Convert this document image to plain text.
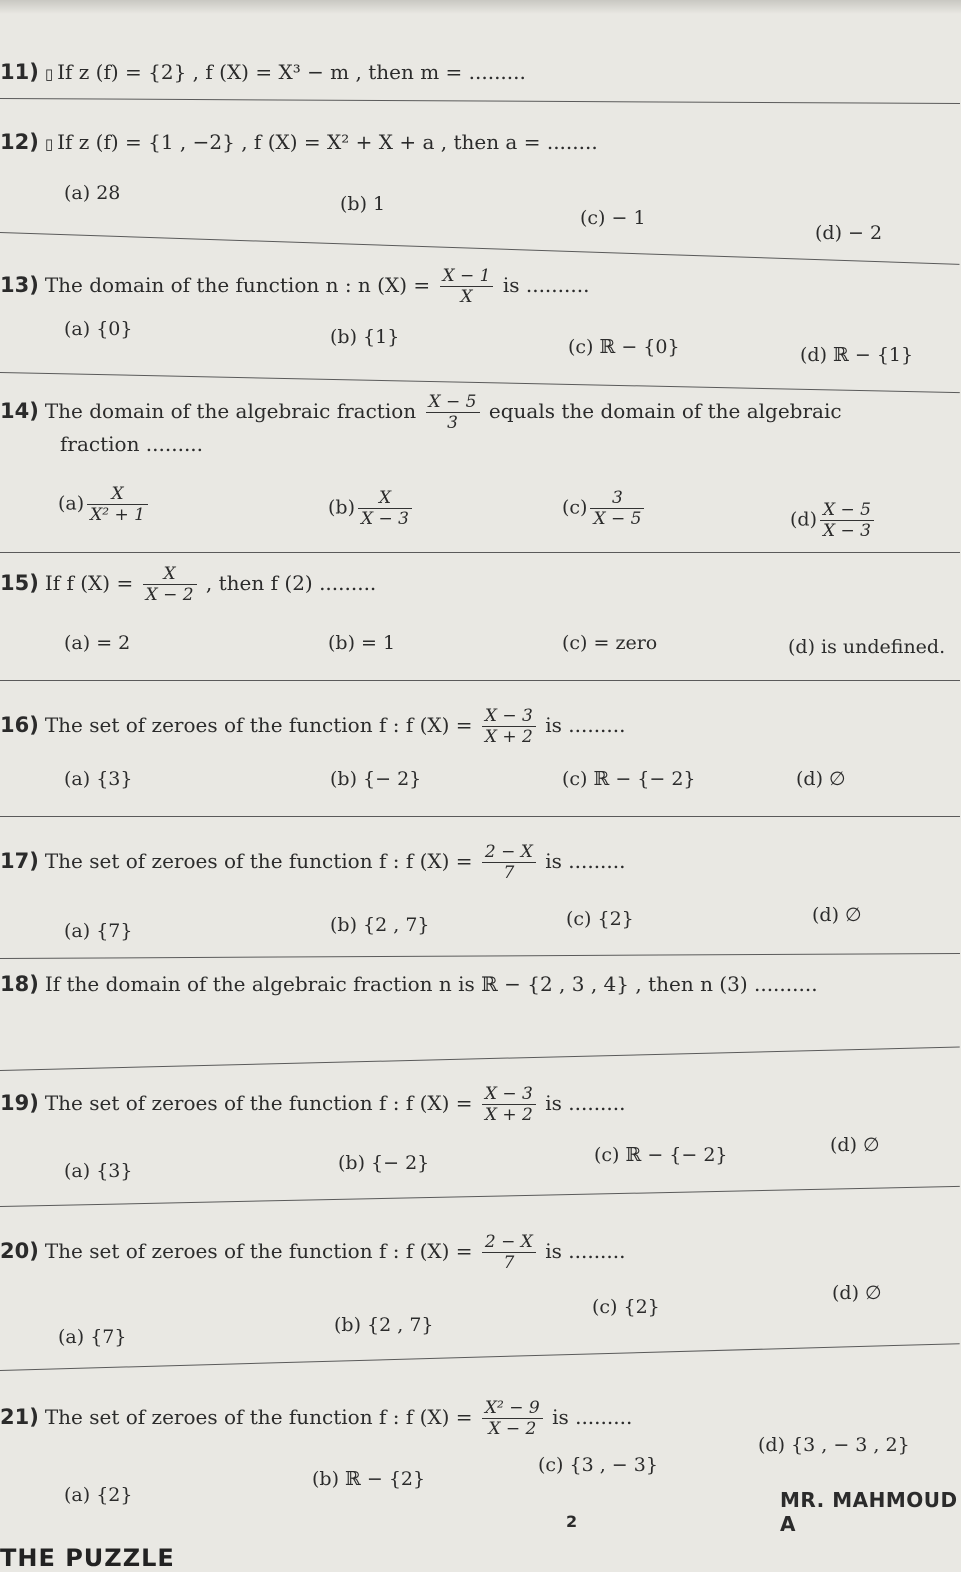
11) ▯ If z (f) = {2} , f (X) = X³ − m , then m = .........
12) ▯ If z (f) = {1 , −2} , f (X) = X² + X + a , then a = ........
(a) 28	(b) 1
(c) − 1
(d) − 2
13) The domain of the function n : n $(X) = \frac{X - 1}{X}$ is ..........
(a) {0}	(b) {1}	(c) ℝ − {0}	(d) ℝ − {1}
14) The domain of the algebraic fraction $\frac{X - 5}{3}$ equals the domain of the algebraic
fraction .........
$(a) \frac{X}{\text{X² + 1}}$	$(b) \frac{X}{X - 3}$	$(c) \frac{3}{X - 5}$	$(d) \frac{X - 5}{X - 3}$
15) If f $(X) = \frac{X}{X - 2}$ , then f (2) .........
(a) = 2	(b) = 1	(c) = zero	(d) is undefined.
16) The set of zeroes of the function f : f $(X) = \frac{X - 3}{X + 2}$ is .........
(a) {3}	(b) {− 2}	(c) ℝ − {− 2}	(d) ∅
17) The set of zeroes of the function f : f $(X) = \frac{2 - X}{7}$ is .........
(a) {7}	(b) {2 , 7}	(c) {2}	(d) ∅
18) If the domain of the algebraic fraction n is ℝ − {2 , 3 , 4} , then n (3) ..........
19) The set of zeroes of the function f : f $(X) = \frac{X - 3}{X + 2}$ is .........
(a) {3}	(b) {− 2}	(c) ℝ − {− 2}	(d) ∅
20) The set of zeroes of the function f : f $(X) = \frac{2 - X}{7}$ is .........
(a) {7}
(b) {2 , 7}
(c) {2}
(d) ∅
21) The set of zeroes of the function f : f $(X) = \frac{\text{X² − 9}}{X - 2}$ is .........
(a) {2}
(b) ℝ − {2}
(c) {3 , − 3}
(d) {3 , − 3 , 2}
2
MR. MAHMOUD A
THE PUZZLE
